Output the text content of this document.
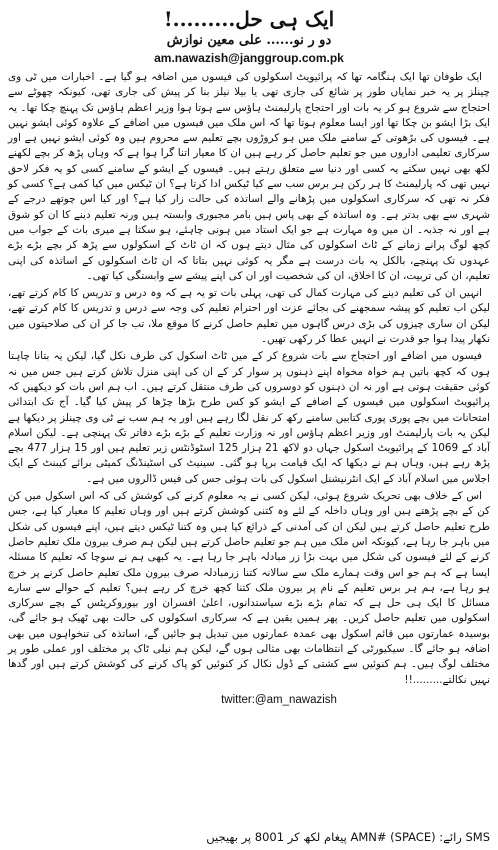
ایک ہی حل.........!
دو ر نو...... علی معین نوازش
am.nawazish@janggroup.com.pk

ایک طوفان تھا ایک ہنگامہ تھا کہ پرائیویٹ اسکولوں کی فیسوں میں اضافہ ہو گیا ہے۔ اخبارات میں ٹی وی چینلز پر یہ خبر نمایاں طور پر شائع کی جاری تھی یا بیلا نیلز بنا کر پیش کی جاری تھی، کیونکہ چھوٹے سے احتجاج سے شروع ہو کر یہ بات اور احتجاج پارلیمنٹ ہاؤس سے ہوتا ہوا وزیر اعظم ہاؤس تک پہنچ چکا تھا۔ یہ ایک بڑا ایشو بن چکا تھا اور ایسا معلوم ہوتا تھا کہ اس ملک میں فیسوں میں اضافے کے علاوہ کوئی ایشو نہیں ہے۔ فیسوں کی بڑھوتی کے سامنے ملک میں ہو کروڑوں بچے تعلیم سے محروم ہیں وہ کوئی ایشو نہیں ہے اور سرکاری تعلیمی اداروں میں جو تعلیم حاصل کر رہے ہیں ان کا معیار اتنا گرا ہوا ہے کہ وہاں پڑھ کر بچے لکھنے لکھ بھی نہیں سکتے یہ کسی اور دنیا سے متعلق رہتے ہیں۔ فیسوں کے ایشو کے سامنے کسی کو یہ فکر لاحق نہیں تھی کہ پارلیمنٹ کا ہر رکن ہر برس سب سے کیا ٹیکس ادا کرتا ہے؟ ان ٹیکس میں کیا کمی ہے؟ کسی کو فکر نہ تھی کہ سرکاری اسکولوں میں پڑھانے والے اساتذہ کی حالت زار کیا ہے؟ اور کیا اس چوتھے درجے کے شہری سے بھی بدتر ہے۔ وہ اساتذہ کے بھی پاس ہیں بامر مجبوری وابستہ ہیں ورنہ تعلیم دینے کا ان کو شوق ہے اور نہ جذبہ۔ ان میں وہ مہارت ہے جو ایک استاد میں ہونی چاہئے، ہو سکتا ہے میری بات کے جواب میں کچھ لوگ پرانے زمانے کے ٹاٹ اسکولوں کی مثال دیتے ہوں کہ ان ٹاٹ کے اسکولوں سے پڑھ کر بچے بڑے بڑے عہدوں تک پہنچے، بالکل یہ بات درست ہے مگر یہ کوئی نہیں بتاتا کہ ان ٹاٹ اسکولوں کے اساتذہ کی اپنی تعلیم، ان کی تربیت، ان کا اخلاق، ان کی شخصیت اور ان کی اپنے پیشے سے وابستگی کیا تھی۔

انہیں ان کی تعلیم دینے کی مہارت کمال کی تھی، پہلی بات تو یہ ہے کہ وہ درس و تدریس کا کام کرتے تھے، لیکن اب تعلیم کو پیشہ سمجھنے کی بجائے عزت اور احترام تعلیم کی وجہ سے درس و تدریس کا کام کرتے تھے، لیکن ان ساری چیزوں کی بڑی درس گاہوں میں تعلیم حاصل کرنے کا موقع ملا، تب جا کر ان کی صلاحیتوں میں نکھار پیدا ہوا جو قدرت نے انہیں عطا کر رکھی تھیں۔

فیسوں میں اضافے اور احتجاج سے بات شروع کر کے میں ٹاٹ اسکول کی طرف نکل گیا، لیکن یہ بتانا چاہتا ہوں کہ کچھ باتیں ہم خواہ مخواہ اپنے ذہنوں پر سوار کر کے ان کی اپنی منزل تلاش کرتے ہیں جس میں نہ کوئی حقیقت ہوتی ہے اور نہ ان ذہنوں کو دوسروں کی طرف منتقل کرتے ہیں۔ اب ہم اس بات کو دیکھیں کہ پرائیویٹ اسکولوں میں فیسوں کے اضافے کے ایشو کو کس طرح بڑھا چڑھا کر پیش کیا گیا۔ آج تک ابتدائی امتحانات میں بچے پوری پوری کتابیں سامنے رکھ کر نقل لگا رہے ہیں اور یہ ہم سب نے ٹی وی چینلز پر دیکھا ہے لیکن یہ بات پارلیمنٹ اور وزیر اعظم ہاؤس اور نہ وزارت تعلیم کے بڑے بڑے دفاتر تک پہنچی ہے۔ لیکن اسلام آباد کے 1069 کے پرائیویٹ اسکول جہاں دو لاکھ 21 ہزار 125 اسٹوڈنٹس زیر تعلیم ہیں اور 15 ہزار 477 بچے پڑھ رہے ہیں، وہاں ہم نے دیکھا کہ ایک قیامت برپا ہو گئی۔ سینیٹ کی اسٹینڈنگ کمیٹی برائے کیبنٹ کے ایک اجلاس میں اسلام آباد کے ایک انٹرنیشنل اسکول کی بات ہوئی جس کی فیس ڈالروں میں ہے۔

اس کے خلاف بھی تحریک شروع ہوئی، لیکن کسی نے یہ معلوم کرنے کی کوشش کی کہ اس اسکول میں کن کن کے بچے پڑھتے ہیں اور وہاں داخلہ کے لئے وہ کتنی کوشش کرتے ہیں اور وہاں تعلیم کا معیار کیا ہے، جس طرح تعلیم حاصل کرتے ہیں لیکن ان کی آمدنی کے ذرائع کیا ہیں وہ کتنا ٹیکس دیتے ہیں، اپنے فیسوں کی شکل میں باہر جا رہا ہے، کیونکہ اس ملک میں ہم جو تعلیم حاصل کرتے ہیں لیکن ہم صرف بیرون ملک تعلیم حاصل کرنے کے لئے فیسوں کی شکل میں بہت بڑا زر مبادلہ باہر جا رہا ہے۔ یہ کبھی ہم نے سوچا کہ تعلیم کا مسئلہ ایسا ہے کہ ہم جو اس وقت ہمارے ملک سے سالانہ کتنا زرمبادلہ صرف بیرون ملک تعلیم حاصل کرنے پر خرچ ہو رہا ہے، ہم ہر برس تعلیم کے نام پر بیرون ملک کتنا کچھ خرچ کر رہے ہیں؟ تعلیم کے حوالے سے سارے مسائل کا ایک ہی حل ہے کہ تمام بڑے بڑے سیاستدانوں، اعلیٰ افسران اور بیوروکریٹس کے بچے سرکاری اسکولوں میں تعلیم حاصل کریں۔ پھر ہمیں یقین ہے کہ سرکاری اسکولوں کی حالت بھی ٹھیک ہو جائے گی، بوسیدہ عمارتوں میں قائم اسکول بھی عمدہ عمارتوں میں تبدیل ہو جائیں گے، اساتذہ کی تنخواہوں میں بھی اضافہ ہو جائے گا۔ سیکیورٹی کے انتظامات بھی مثالی ہوں گے، لیکن ہم نیلی ٹاک پر مختلف اور عملی طور پر مختلف لوگ ہیں۔ ہم کنوئیں سے کشتی کے ڈول نکال کر کنوئیں کو پاک کرنے کی کوشش کرتے ہیں اور گدھا نہیں نکالتے.........!!

twitter:@am_nawazish
SMS رائے: AMN# (SPACE) پیغام لکھ کر 8001 پر بھیجیں
